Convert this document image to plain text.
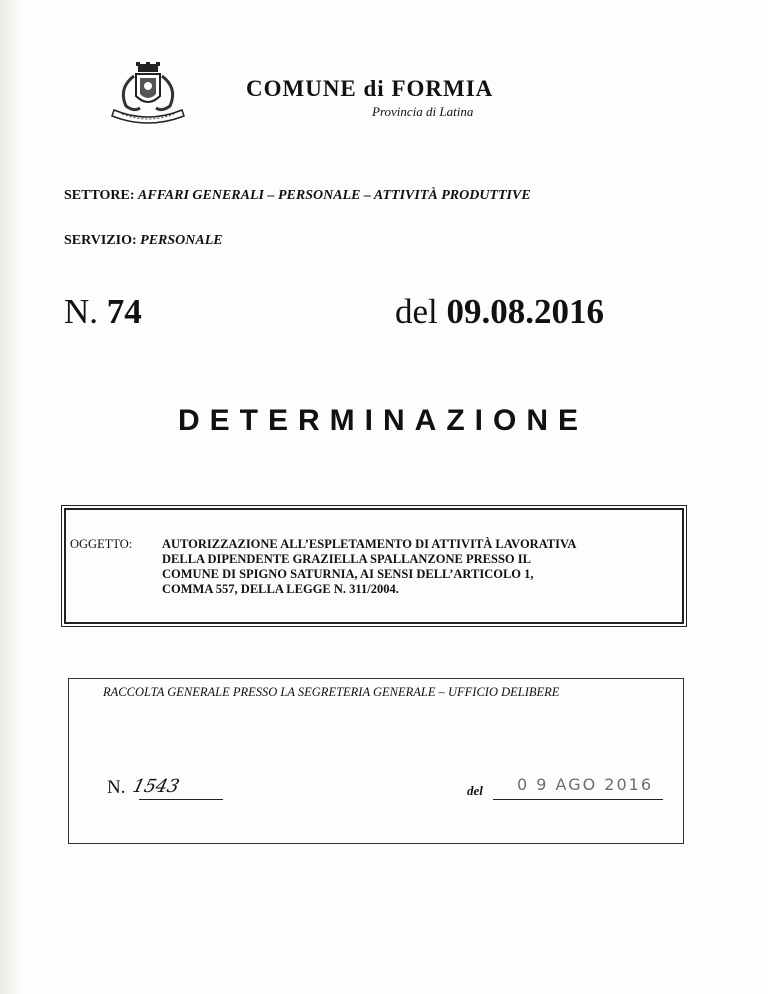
COMUNE di FORMIA
Provincia di Latina
SETTORE: AFFARI GENERALI – PERSONALE – ATTIVITÀ PRODUTTIVE
SERVIZIO: PERSONALE
N. 74	del 09.08.2016
DETERMINAZIONE
OGGETTO: AUTORIZZAZIONE ALL’ESPLETAMENTO DI ATTIVITÀ LAVORATIVA
DELLA DIPENDENTE GRAZIELLA SPALLANZONE PRESSO IL
COMUNE DI SPIGNO SATURNIA, AI SENSI DELL’ARTICOLO 1,
COMMA 557, DELLA LEGGE N. 311/2004.
RACCOLTA GENERALE PRESSO LA SEGRETERIA GENERALE – UFFICIO DELIBERE
N. 1543	del 0 9 AGO 2016
